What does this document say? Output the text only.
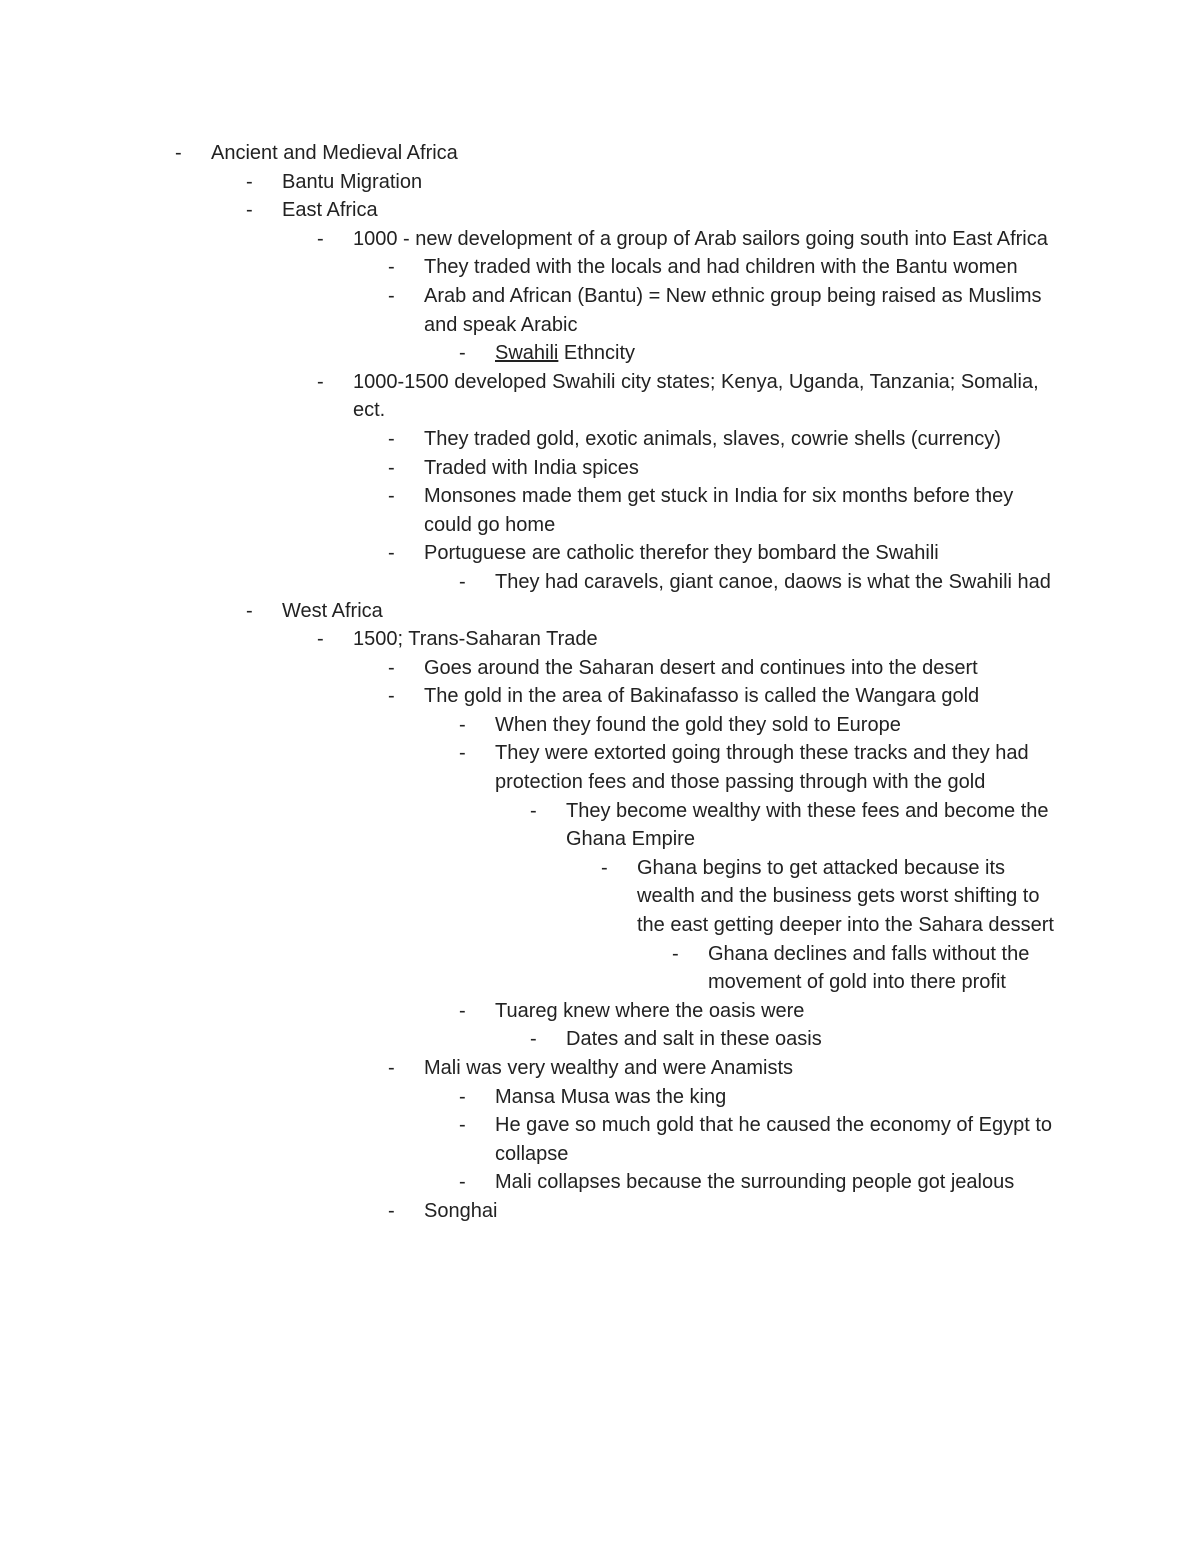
- Ancient and Medieval Africa
- Bantu Migration
- East Africa
- 1000 - new development of a group of Arab sailors going south into East Africa
- They traded with the locals and had children with the Bantu women
- Arab and African (Bantu) = New ethnic group being raised as Muslims and speak Arabic
- Swahili Ethncity
- 1000-1500 developed Swahili city states; Kenya, Uganda, Tanzania; Somalia, ect.
- They traded gold, exotic animals, slaves, cowrie shells (currency)
- Traded with India spices
- Monsones made them get stuck in India for six months before they could go home
- Portuguese are catholic therefor they bombard the Swahili
- They had caravels, giant canoe, daows is what the Swahili had
- West Africa
- 1500; Trans-Saharan Trade
- Goes around the Saharan desert and continues into the desert
- The gold in the area of Bakinafasso is called the Wangara gold
- When they found the gold they sold to Europe
- They were extorted going through these tracks and they had protection fees and those passing through with the gold
- They become wealthy with these fees and become the Ghana Empire
- Ghana begins to get attacked because its wealth and the business gets worst shifting to the east getting deeper into the Sahara dessert
- Ghana declines and falls without the movement of gold into there profit
- Tuareg knew where the oasis were
- Dates and salt in these oasis
- Mali was very wealthy and were Anamists
- Mansa Musa was the king
- He gave so much gold that he caused the economy of Egypt to collapse
- Mali collapses because the surrounding people got jealous
- Songhai
